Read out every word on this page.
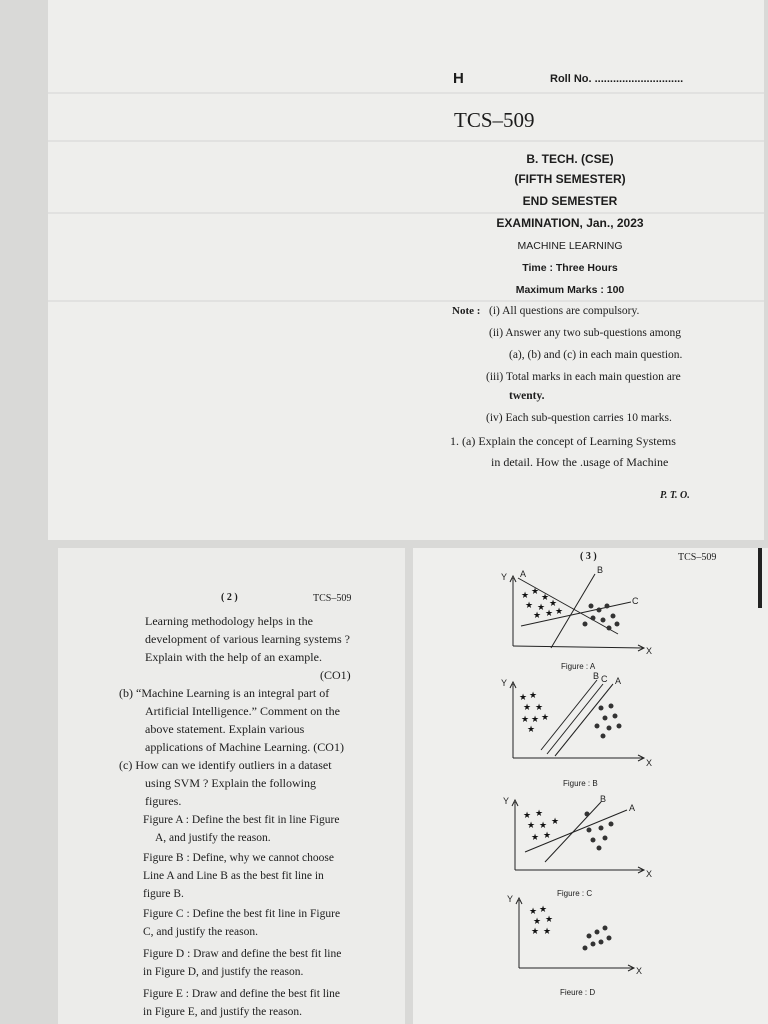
H	Roll No. .............................

TCS–509

B. TECH. (CSE)

(FIFTH SEMESTER)

END SEMESTER

EXAMINATION, Jan., 2023

MACHINE LEARNING

Time : Three Hours

Maximum Marks : 100

Note : (i) All questions are compulsory.

(ii) Answer any two sub-questions among

(a), (b) and (c) in each main question.

(iii) Total marks in each main question are

twenty.

(iv) Each sub-question carries 10 marks.

1. (a) Explain the concept of Learning Systems

in detail. How the .usage of Machine

P. T. O.

( 2 )	TCS–509

Learning methodology helps in the

development of various learning systems ?

Explain with the help of an example.

(CO1)

(b) “Machine Learning is an integral part of

Artificial Intelligence.” Comment on the

above statement. Explain various

applications of Machine Learning. (CO1)

(c) How can we identify outliers in a dataset

using SVM ? Explain the following

figures.

Figure A : Define the best fit in line Figure

A, and justify the reason.

Figure B : Define, why we cannot choose

Line A and Line B as the best fit line in

figure B.

Figure C : Define the best fit line in Figure

C, and justify the reason.

Figure D : Draw and define the best fit line

in Figure D, and justify the reason.

Figure E : Draw and define the best fit line

in Figure E, and justify the reason.

( 3 )	TCS–509

Y
X
A	B
C
★ ★
★
★ ★ ★
★ ★ ★

Figure : A

Y
X
B C A
★ ★
★ ★
★ ★ ★
★

Figure : B

Y
X
B
A
★ ★
★ ★ ★
★ ★

Figure : C

Y
X
★ ★
★ ★
★ ★

Fieure : D
